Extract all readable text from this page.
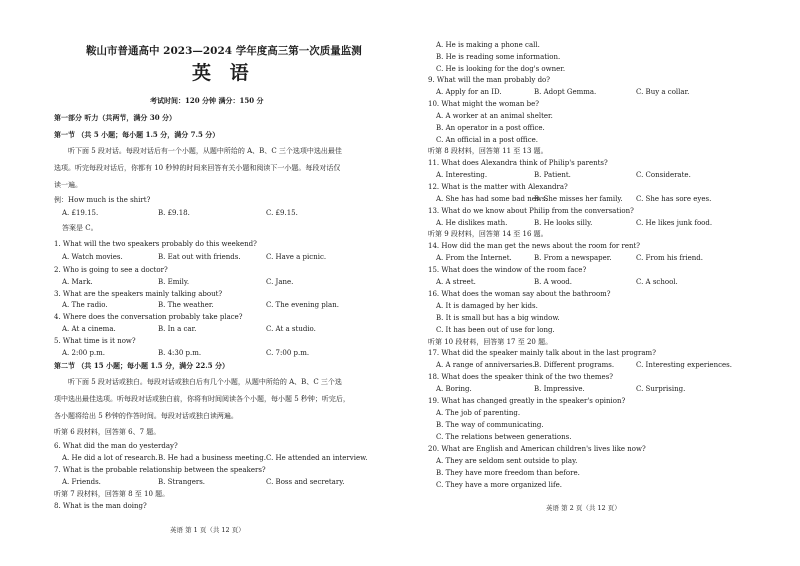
鞍山市普通高中 2023—2024 学年度高三第一次质量监测
英 语
考试时间：120 分钟 满分：150 分
第一部分 听力（共两节，满分 30 分）
第一节 （共 5 小题；每小题 1.5 分，满分 7.5 分）
听下面 5 段对话。每段对话后有一个小题，从题中所给的 A、B、C 三个选项中选出最佳
选项。听完每段对话后，你都有 10 秒钟的时间来回答有关小题和阅读下一小题。每段对话仅
读一遍。
例：How much is the shirt?
A. £19.15.	B. £9.18.	C. £9.15.
答案是 C。
1. What will the two speakers probably do this weekend?
A. Watch movies.	B. Eat out with friends.	C. Have a picnic.
2. Who is going to see a doctor?
A. Mark.	B. Emily.	C. Jane.
3. What are the speakers mainly talking about?
A. The radio.	B. The weather.	C. The evening plan.
4. Where does the conversation probably take place?
A. At a cinema.	B. In a car.	C. At a studio.
5. What time is it now?
A. 2:00 p.m.	B. 4:30 p.m.	C. 7:00 p.m.
第二节 （共 15 小题；每小题 1.5 分，满分 22.5 分）
听下面 5 段对话或独白。每段对话或独白后有几个小题，从题中所给的 A、B、C 三个选
项中选出最佳选项。听每段对话或独白前，你将有时间阅读各个小题，每小题 5 秒钟；听完后，
各小题将给出 5 秒钟的作答时间。每段对话或独白读两遍。
听第 6 段材料，回答第 6、7 题。
6. What did the man do yesterday?
A. He did a lot of research. B. He had a business meeting. C. He attended an interview.
7. What is the probable relationship between the speakers?
A. Friends.	B. Strangers.	C. Boss and secretary.
听第 7 段材料，回答第 8 至 10 题。
8. What is the man doing?
英语 第 1 页（共 12 页）
A. He is making a phone call.
B. He is reading some information.
C. He is looking for the dog's owner.
9. What will the man probably do?
A. Apply for an ID.	B. Adopt Gemma.	C. Buy a collar.
10. What might the woman be?
A. A worker at an animal shelter.
B. An operator in a post office.
C. An official in a post office.
听第 8 段材料，回答第 11 至 13 题。
11. What does Alexandra think of Philip's parents?
A. Interesting.	B. Patient.	C. Considerate.
12. What is the matter with Alexandra?
A. She has had some bad news.
B. She misses her family. C. She has sore eyes.
13. What do we know about Philip from the conversation?
A. He dislikes math.	B. He looks silly.	C. He likes junk food.
听第 9 段材料，回答第 14 至 16 题。
14. How did the man get the news about the room for rent?
A. From the Internet.	B. From a newspaper.	C. From his friend.
15. What does the window of the room face?
A. A street.	B. A wood.	C. A school.
16. What does the woman say about the bathroom?
A. It is damaged by her kids.
B. It is small but has a big window.
C. It has been out of use for long.
听第 10 段材料，回答第 17 至 20 题。
17. What did the speaker mainly talk about in the last program?
A. A range of anniversaries. B. Different programs.	C. Interesting experiences.
18. What does the speaker think of the two themes?
A. Boring.	B. Impressive.	C. Surprising.
19. What has changed greatly in the speaker's opinion?
A. The job of parenting.
B. The way of communicating.
C. The relations between generations.
20. What are English and American children's lives like now?
A. They are seldom sent outside to play.
B. They have more freedom than before.
C. They have a more organized life.
英语 第 2 页（共 12 页）
